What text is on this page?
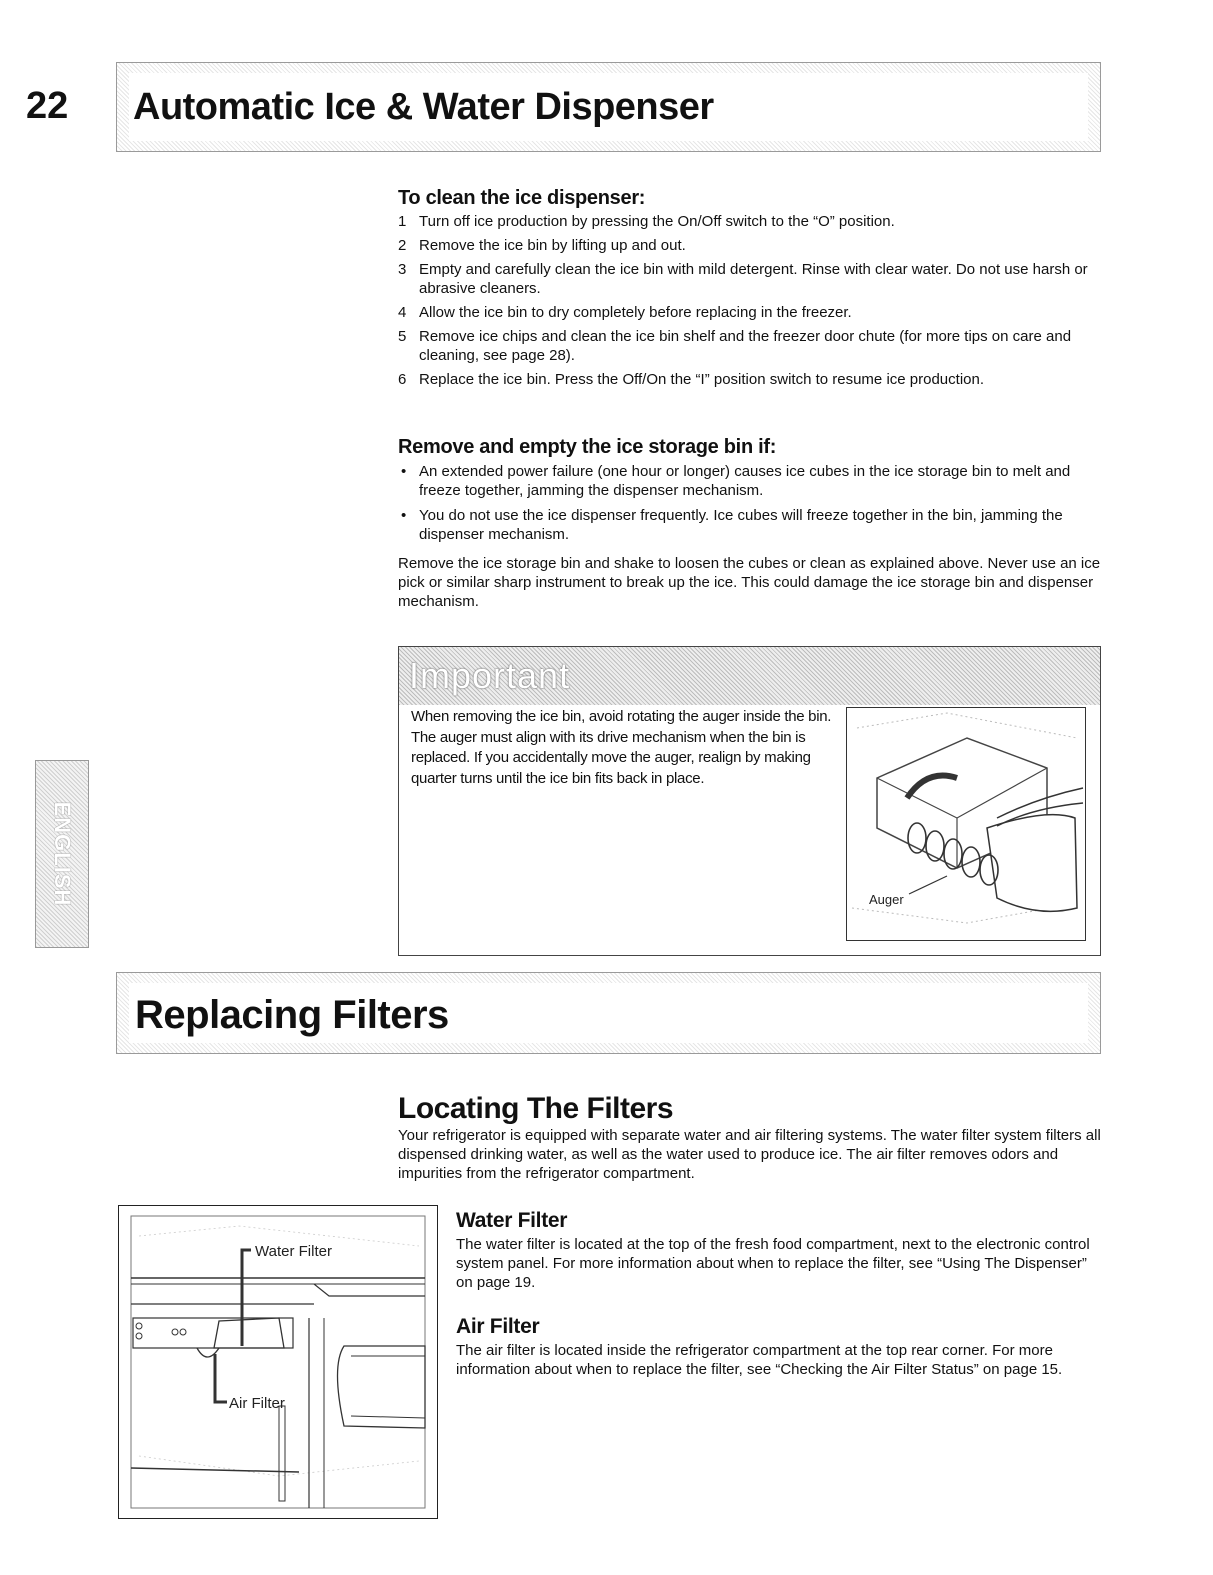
22 Automatic Ice & Water Dispenser
To clean the ice dispenser:
1 Turn off ice production by pressing the On/Off switch to the “O” position.
2 Remove the ice bin by lifting up and out.
3 Empty and carefully clean the ice bin with mild detergent. Rinse with clear water. Do not use harsh or abrasive cleaners.
4 Allow the ice bin to dry completely before replacing in the freezer.
5 Remove ice chips and clean the ice bin shelf and the freezer door chute (for more tips on care and cleaning, see page 28).
6 Replace the ice bin. Press the Off/On the “I” position switch to resume ice production.
Remove and empty the ice storage bin if:
• An extended power failure (one hour or longer) causes ice cubes in the ice storage bin to melt and freeze together, jamming the dispenser mechanism.
• You do not use the ice dispenser frequently. Ice cubes will freeze together in the bin, jamming the dispenser mechanism.

Remove the ice storage bin and shake to loosen the cubes or clean as explained above. Never use an ice pick or similar sharp instrument to break up the ice. This could damage the ice storage bin and dispenser mechanism.

Important
When removing the ice bin, avoid rotating the auger inside the bin. The auger must align with its drive mechanism when the bin is replaced. If you accidentally move the auger, realign by making quarter turns until the ice bin fits back in place.
Auger
ENGLISH
Replacing Filters
Locating The Filters

Your refrigerator is equipped with separate water and air filtering systems. The water filter system filters all dispensed drinking water, as well as the water used to produce ice. The air filter removes odors and impurities from the refrigerator compartment.

Water Filter
Air Filter
Water Filter

The water filter is located at the top of the fresh food compartment, next to the electronic control system panel. For more information about when to replace the filter, see “Using The Dispenser” on page 19.

Air Filter

The air filter is located inside the refrigerator compartment at the top rear corner. For more information about when to replace the filter, see “Checking the Air Filter Status” on page 15.
